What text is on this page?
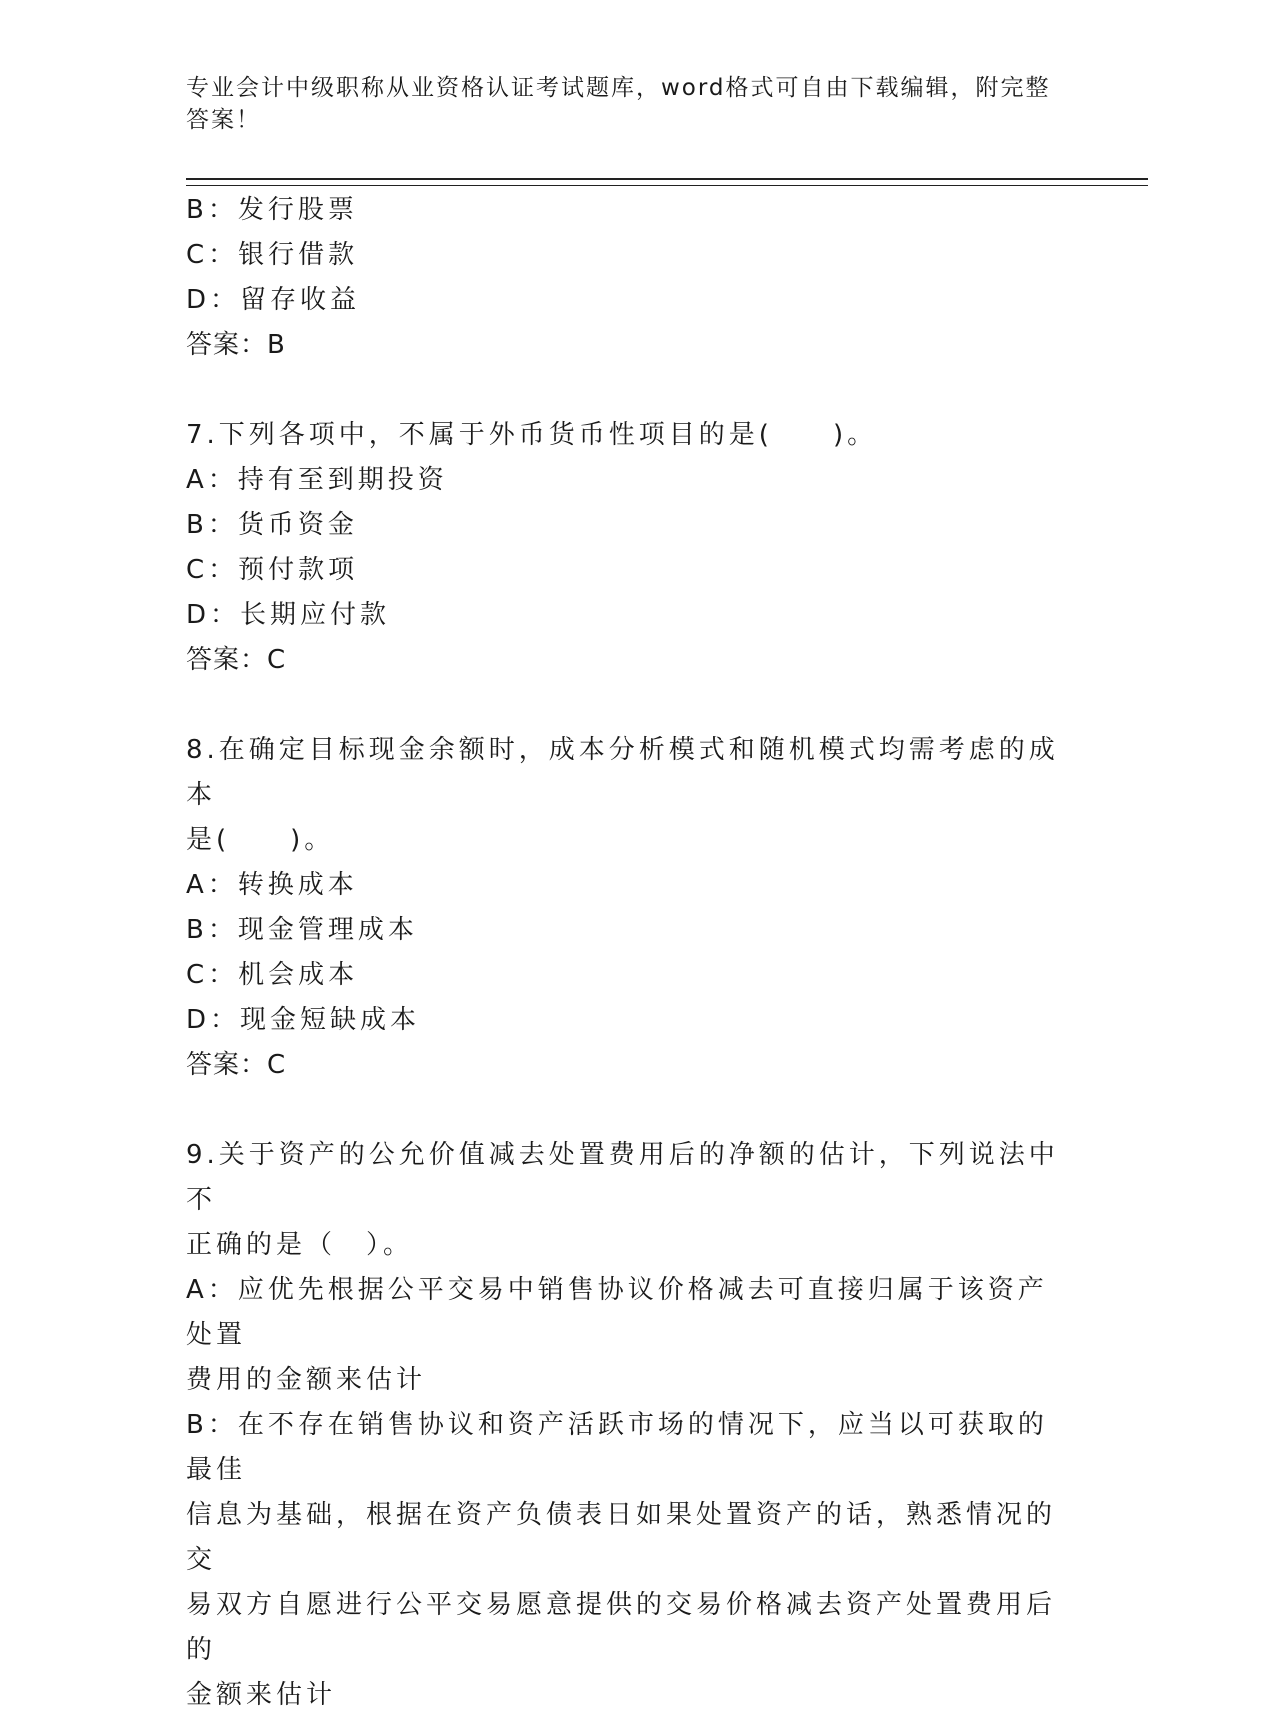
专业会计中级职称从业资格认证考试题库，word格式可自由下载编辑，附完整答案！
B：发行股票
C：银行借款
D：留存收益
答案：B
7.下列各项中，不属于外币货币性项目的是(　　)。
A：持有至到期投资
B：货币资金
C：预付款项
D：长期应付款
答案：C
8.在确定目标现金余额时，成本分析模式和随机模式均需考虑的成本
是(　　)。
A：转换成本
B：现金管理成本
C：机会成本
D：现金短缺成本
答案：C
9.关于资产的公允价值减去处置费用后的净额的估计，下列说法中不
正确的是（　）。
A：应优先根据公平交易中销售协议价格减去可直接归属于该资产处置
费用的金额来估计
B：在不存在销售协议和资产活跃市场的情况下，应当以可获取的最佳
信息为基础，根据在资产负债表日如果处置资产的话，熟悉情况的交
易双方自愿进行公平交易愿意提供的交易价格减去资产处置费用后的
金额来估计
